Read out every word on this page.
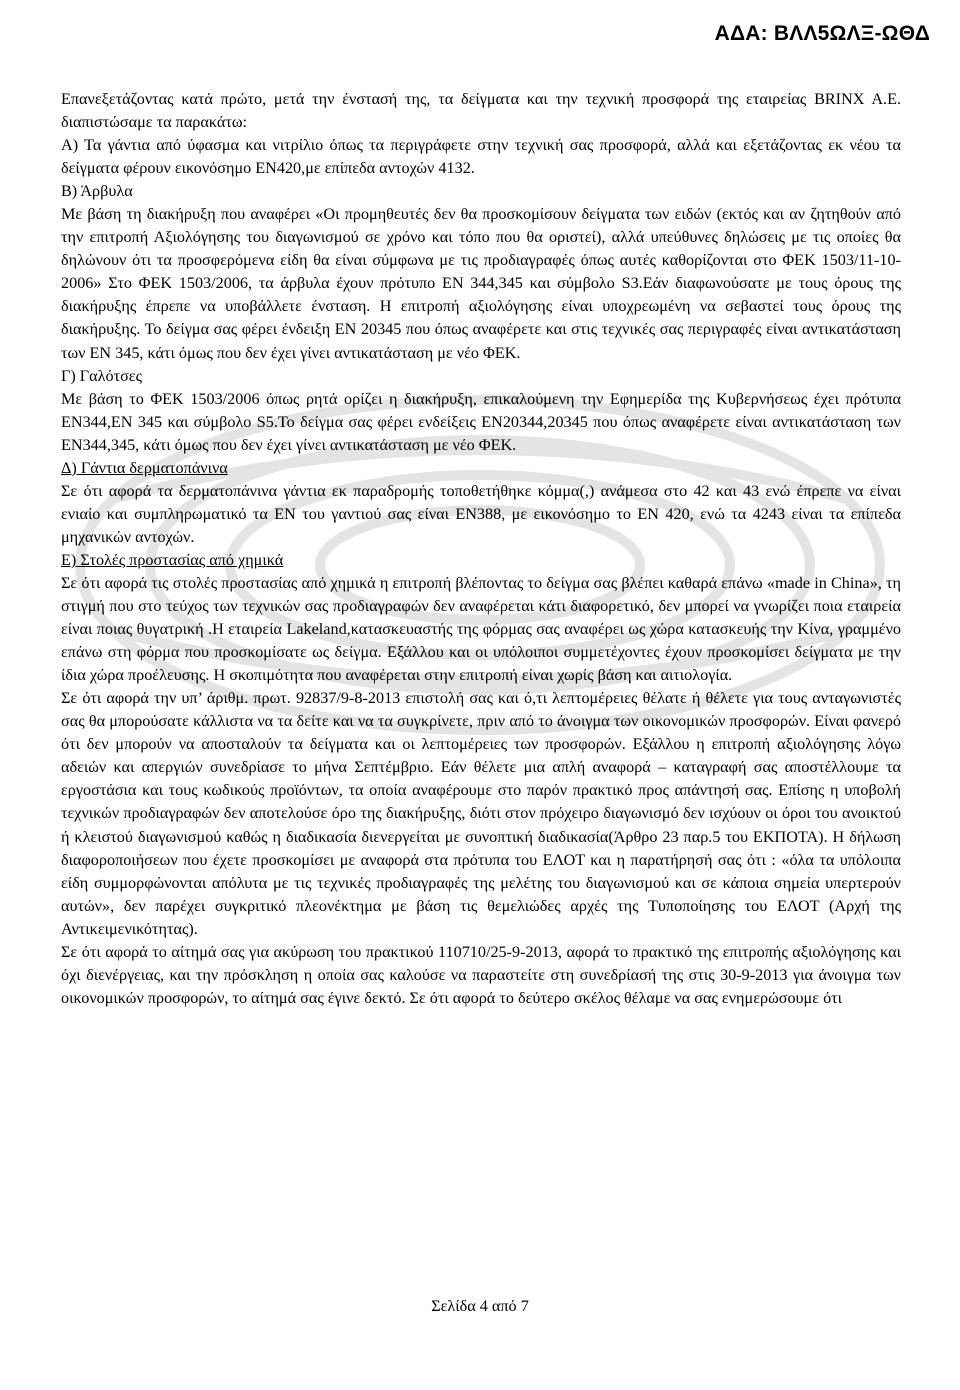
ΑΔΑ: ΒΛΛ5ΩΛΞ-ΩΘΔ

Επανεξετάζοντας κατά πρώτο, μετά την ένστασή της, τα δείγματα και την τεχνική προσφορά της εταιρείας BRINX A.E. διαπιστώσαμε τα παρακάτω:

Α) Τα γάντια από ύφασμα και νιτρίλιο όπως τα περιγράφετε στην τεχνική σας προσφορά, αλλά και εξετάζοντας εκ νέου τα δείγματα φέρουν εικονόσημο ΕΝ420,με επίπεδα αντοχών 4132.

Β) Άρβυλα

Με βάση τη διακήρυξη που αναφέρει «Οι προμηθευτές δεν θα προσκομίσουν δείγματα των ειδών (εκτός και αν ζητηθούν από την επιτροπή Αξιολόγησης του διαγωνισμού σε χρόνο και τόπο που θα οριστεί), αλλά υπεύθυνες δηλώσεις με τις οποίες θα δηλώνουν ότι τα προσφερόμενα είδη θα είναι σύμφωνα με τις προδιαγραφές όπως αυτές καθορίζονται στο ΦΕΚ 1503/11-10-2006» Στο ΦΕΚ 1503/2006, τα άρβυλα έχουν πρότυπο ΕΝ 344,345 και σύμβολο S3.Εάν διαφωνούσατε με τους όρους της διακήρυξης έπρεπε να υποβάλλετε ένσταση. Η επιτροπή αξιολόγησης είναι υποχρεωμένη να σεβαστεί τους όρους της διακήρυξης. Το δείγμα σας φέρει ένδειξη ΕΝ 20345 που όπως αναφέρετε και στις τεχνικές σας περιγραφές είναι αντικατάσταση των ΕΝ 345, κάτι όμως που δεν έχει γίνει αντικατάσταση με νέο ΦΕΚ.

Γ) Γαλότσες

Με βάση το ΦΕΚ 1503/2006 όπως ρητά ορίζει η διακήρυξη, επικαλούμενη την Εφημερίδα της Κυβερνήσεως έχει πρότυπα ΕΝ344,ΕΝ 345 και σύμβολο S5.Το δείγμα σας φέρει ενδείξεις ΕΝ20344,20345 που όπως αναφέρετε είναι αντικατάσταση των ΕΝ344,345, κάτι όμως που δεν έχει γίνει αντικατάσταση με νέο ΦΕΚ.

Δ) Γάντια δερματοπάνινα

Σε ότι αφορά τα δερματοπάνινα γάντια εκ παραδρομής τοποθετήθηκε κόμμα(,) ανάμεσα στο 42 και 43 ενώ έπρεπε να είναι ενιαίο και συμπληρωματικό τα ΕΝ του γαντιού σας είναι ΕΝ388, με εικονόσημο το ΕΝ 420, ενώ τα 4243 είναι τα επίπεδα μηχανικών αντοχών.

Ε) Στολές προστασίας από χημικά

Σε ότι αφορά τις στολές προστασίας από χημικά η επιτροπή βλέποντας το δείγμα σας βλέπει καθαρά επάνω «made in China», τη στιγμή που στο τεύχος των τεχνικών σας προδιαγραφών δεν αναφέρεται κάτι διαφορετικό, δεν μπορεί να γνωρίζει ποια εταιρεία είναι ποιας θυγατρική .Η εταιρεία Lakeland,κατασκευαστής της φόρμας σας αναφέρει ως χώρα κατασκευής την Κίνα, γραμμένο επάνω στη φόρμα που προσκομίσατε ως δείγμα. Εξάλλου και οι υπόλοιποι συμμετέχοντες έχουν προσκομίσει δείγματα με την ίδια χώρα προέλευσης. Η σκοπιμότητα που αναφέρεται στην επιτροπή είναι χωρίς βάση και αιτιολογία.

Σε ότι αφορά την υπ’ άριθμ. πρωτ. 92837/9-8-2013 επιστολή σας και ό,τι λεπτομέρειες θέλατε ή θέλετε για τους ανταγωνιστές σας θα μπορούσατε κάλλιστα να τα δείτε και να τα συγκρίνετε, πριν από το άνοιγμα των οικονομικών προσφορών. Είναι φανερό ότι δεν μπορούν να αποσταλούν τα δείγματα και οι λεπτομέρειες των προσφορών. Εξάλλου η επιτροπή αξιολόγησης λόγω αδειών και απεργιών συνεδρίασε το μήνα Σεπτέμβριο. Εάν θέλετε μια απλή αναφορά – καταγραφή σας αποστέλλουμε τα εργοστάσια και τους κωδικούς προϊόντων, τα οποία αναφέρουμε στο παρόν πρακτικό προς απάντησή σας. Επίσης η υποβολή τεχνικών προδιαγραφών δεν αποτελούσε όρο της διακήρυξης, διότι στον πρόχειρο διαγωνισμό δεν ισχύουν οι όροι του ανοικτού ή κλειστού διαγωνισμού καθώς η διαδικασία διενεργείται με συνοπτική διαδικασία(Άρθρο 23 παρ.5 του ΕΚΠΟΤΑ). Η δήλωση διαφοροποιήσεων που έχετε προσκομίσει με αναφορά στα πρότυπα του ΕΛΟΤ και η παρατήρησή σας ότι : «όλα τα υπόλοιπα είδη συμμορφώνονται απόλυτα με τις τεχνικές προδιαγραφές της μελέτης του διαγωνισμού και σε κάποια σημεία υπερτερούν αυτών», δεν παρέχει συγκριτικό πλεονέκτημα με βάση τις θεμελιώδες αρχές της Τυποποίησης του ΕΛΟΤ (Αρχή της Αντικειμενικότητας).

Σε ότι αφορά το αίτημά σας για ακύρωση του πρακτικού 110710/25-9-2013, αφορά το πρακτικό της επιτροπής αξιολόγησης και όχι διενέργειας, και την πρόσκληση η οποία σας καλούσε να παραστείτε στη συνεδρίασή της στις 30-9-2013 για άνοιγμα των οικονομικών προσφορών, το αίτημά σας έγινε δεκτό. Σε ότι αφορά το δεύτερο σκέλος θέλαμε να σας ενημερώσουμε ότι

Σελίδα 4 από 7
